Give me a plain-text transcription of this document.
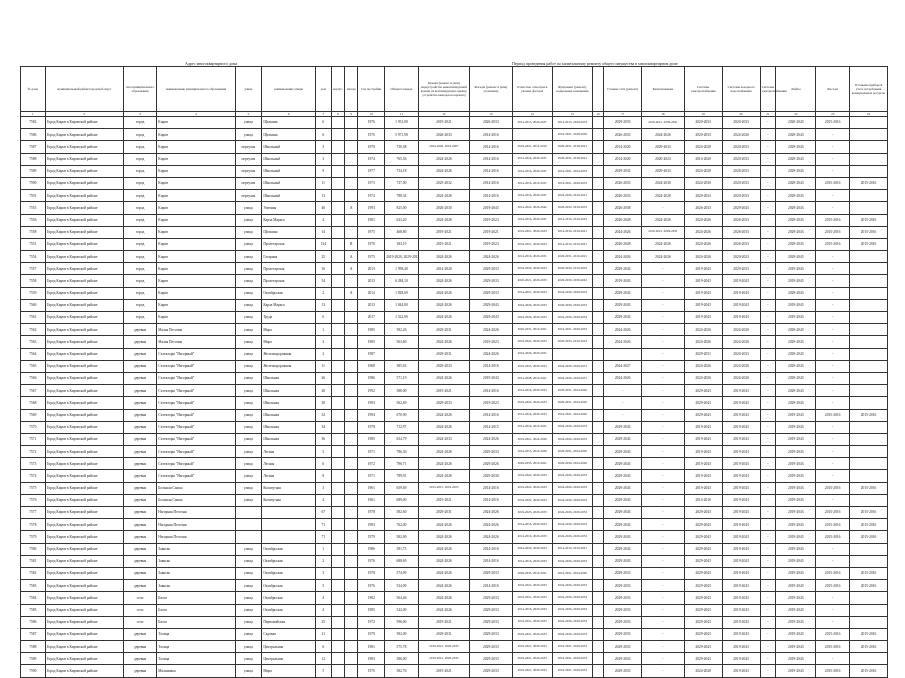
Адрес многоквартирного дома	Период проведения работ по капитальному ремонту общего имущества в многоквартирном доме
№ дома	муниципальный район/городской округ	тип муниципального образования	наименование муниципального образования	улица	наименование улицы	дом	корпус	литера	Год постройки	Общая площадь	Крыша (ремонт и (или) переустройство невентилируемой крыши на вентилируемую крышу, устройство выходов на кровлю)	Фасады (ремонт и (или) утепление)	Отмостки, отмостки и уклоны фасадов	Фундамент (ремонт), подвальные помещения		Газовые сети (ремонт)	Канализование	Системы электроснабжения	Системы холодного водоснабжения	Системы электроснабжения	Лифты	Фасады	Установка приборов учета потребления коммунальных ресурсов
1	2	3	4	5	6	7	8	9	10	11	12	13	14	15	16	17	18	19	20	21	22	23	24
7582	Город Киров в Кировской районе	город	Киров	улица	Щелкина	6			1976	1 931,00	2019-2021	2026-2033	2014-2015, 2029-2037	2014-2015, 2029-2033		2029-2033	2019-2021, 2039-2041	2020-2033	2020-2033	-	2020-2043	2015-2016	
7586	Город Киров в Кировской районе	город	Киров	улица	Щелкина	6			1976	5 971,98	2026-2033	2014-2016		2019-2021, 2028-2030		2026-2033	2024-2026	2020-2033	2024-2026	-	2029-2043	-	
7587	Город Киров в Кировской районе	город	Киров	переулок	Школьный	5			1970	730,38	2024-2026, 2019-2007	2014-2016	2019-2021, 2014-2016	2029-2031, 2018-2021		2014-2020	2029-2033	2024-2028	2020-2033	-	2029-2043	-	
7588	Город Киров в Кировской районе	город	Киров	переулок	Школьный	3			1974	765,36	2024-2026	2014-2016	2014-2016, 2029-2031	2029-2031, 2018-2021		2014-2020	2020-2023	2014-2020	2020-2033	-	2029-2043	-	
7589	Город Киров в Кировской районе	город	Киров	переулок	Школьный	9			1977	734,18	2024-2026	2014-2016	2014-2016, 2029-2031	2019-2021, 2024-2033		2029-2032	2029-2033	2024-2028	2026-2033	-	2029-2043	-	
7590	Город Киров в Кировской районе	город	Киров	переулок	Школьный	11			1973	737,00	2025-2032	2014-2016	2014-2016, 2019-2031	2019-2021, 2029-2033		2026-2033	2024-2030	2024-2030	2020-2033	-	2029-2043	2015-2016	2015-2016
7591	Город Киров в Кировской районе	город	Киров	переулок	Школьный	13			1974	788,34	2024-2026	2014-2016	2014-2016, 2029-2031	2024-2026, 2019-2021		2026-2033	2024-2028	2029-2033	2020-2033	-	2029-2043	-	
7553	Город Киров в Кировской районе	город	Киров	улица	Уличная	46		А	1993	825,00	2026-2030	2019-2043	2014-2022, 2026-2042	2026-2032, 2019-2033		2026-2038	-	2026-2033	2029-2043	-	2029-2043	-	
7556	Город Киров в Кировской районе	город	Киров	улица	Карла Маркса	4			1981	633,20	2024-2026	2019-2023	2014-2016, 2029-2031	2014-2016, 2019-2023		2026-2028	2024-2026	2024-2026	2026-2033	-	2029-2043	2015-2016	2015-2016
7558	Город Киров в Кировской районе	город	Киров	улица	Щелкина	14			1975	468,80	2019-2021	2019-2021	2019-2021, 2029-2033	2014-2016, 2019-2021		2024-2026	2019-2021, 2029-2031	2024-2026	2026-2033	-	2029-2043	2015-2016	2015-2016
7551	Город Киров в Кировской районе	город	Киров	улица	Пролетарская	134		В	1976	383,19	2019-2021	2019-2023	2019-2021, 2029-2033	2014-2016, 2019-2021		2026-2028	2024-2026	2024-2026	2026-2033	-	2029-2043	2015-2016	2015-2016
7554	Город Киров в Кировской районе	город	Киров	улица	Гагарина	25		А	1975	2019-2020, 2029-2033	2024-2026	2024-2026	2014-2016, 2029-2031	2029-2031, 2019-2021		2024-2026	2024-2026	2024-2026	2020-2023	-	2029-2043	-	
7557	Город Киров в Кировской районе	город	Киров	улица	Пролетарская	16		А	2013	1 958,40	2014-2020	2029-2033	2019-2020, 2029-2033	2029-2030, 2019-2032		2029-2043	-	2019-2043	2029-2033	-	2019-2043	-	
7558	Город Киров в Кировской районе	город	Киров	улица	Пролетарская	54			2013	6 284,10	2024-2026	2029-2033	2020-2021, 2029-2033	2029-2030, 2039-2043		2019-2043	-	2019-2043	2019-2043	-	2019-2043	-	
7559	Город Киров в Кировской районе	город	Киров	улица	Октябрьская	2		А	2014	1 828,69	2024-2026	2029-2033	2014-2021, 2029-2033	2024-2026, 2029-2033		2029-2043	-	2019-2043	2019-2043	-	2029-2043	-	
7560	Город Киров в Кировской районе	город	Киров	улица	Карла Маркса	13			2013	1 044,00	2024-2026	2029-2043	2024-2026, 2029-2033	2029-2030, 2029-2033		2029-2043	-	2019-2043	2019-2043	-	2019-2043	-	
7561	Город Киров в Кировской районе	город	Киров	улица	Труда	6			2017	1 322,90	2024-2026	2029-2043	2024-2026, 2029-2033	2024-2026, 2029-2033		2029-2043	-	2019-2043	2019-2043	-	2019-2043	-	
7562	Город Киров в Кировской районе	деревня	Малая Песочня	улица	Мира	1			1985	582,26	2029-2031	2024-2026	2029-2031, 2019-2021	2019-2021, 2029-2033		2024-2026	-	2024-2026	2024-2026	-	2029-2043	-	
7563	Город Киров в Кировской районе	деревня	Малая Песочня	улица	Мира	2			1985	563,60	2024-2026	2019-2023	2019-2022, 2029-2033	2029-2033, 2019-2023		2024-2026	-	2024-2026	2024-2026	-	2029-2043	-	
7564	Город Киров в Кировской районе	деревня	Селекторы "Нагорный"	улица	Железнодорожная	2			1987		2029-2031	2024-2026	2024-2026, 2029-2031				-	2029-2031	2020-2033	-	2029-2043	-	
7565	Город Киров в Кировской районе	деревня	Селекторы "Нагорный"	улица	Железнодорожная	11			1968	385,63	2029-2033	2014-2016	2019-2023, 2029-2033	2024-2026, 2029-2031		2024-2027	-	2024-2026	2024-2026	-	2029-2043	-	
7566	Город Киров в Кировской районе	деревня	Селекторы "Нагорный"	улица	Школьная	26			1986	571,19	2024-2026	2019-2043	2014-2028, 2019-2021	2024-2026, 2029-2031		2024-2026	-	2024-2026	2024-2026	-	2029-2043	-	
7567	Город Киров в Кировской районе	деревня	Селекторы "Нагорный"	улица	Школьная	28			1992	588,00	2019-2021	2014-2016	2014-2016, 2029-2033	2029-2031, 2024-2026		-	-	2029-2043	2019-2043	-	2029-2043	-	
7568	Город Киров в Кировской районе	деревня	Селекторы "Нагорный"	улица	Школьная	30			1993	562,69	2029-2033	2019-2023	2019-2022, 2029-2033	2029-2031, 2024-2026		-	-	2029-2043	2019-2043	-	2029-2043	-	
7569	Город Киров в Кировской районе	деревня	Селекторы "Нагорный"	улица	Школьная	32			1994	670,90	2024-2026	2014-2016	2014-2016, 2029-2033	2019-2021, 2024-2026		-	-	2029-2043	2019-2043	-	2019-2043	2015-2016	2015-2016
7570	Город Киров в Кировской районе	деревня	Селекторы "Нагорный"	улица	Школьная	34			1978	712,97	2024-2026	2014-2015	2014-2016, 2019-2031	2024-2026, 2029-2033		2029-2043	-	2019-2043	2019-2043	-	2019-2043	-	
7571	Город Киров в Кировской районе	деревня	Селекторы "Нагорный"	улица	Школьная	36			1985	654,79	2024-2033	2024-2026	2019-2021, 2024-2026	2024-2026, 2029-2033		2029-2043	-	2019-2043	2019-2043	-	2019-2043	-	
7572	Город Киров в Кировской районе	деревня	Селекторы "Нагорный"	улица	Лесная	5			1971	786,30	2024-2026	2029-2033	2014-2015, 2019-2030	2029-2031, 2024-2026		2029-2043	-	2019-2043	2019-2043	-	2019-2043	-	
7573	Город Киров в Кировской районе	деревня	Селекторы "Нагорный"	улица	Лесная	6			1972	796,71	2024-2026	2029-2026	2029-2033, 2019-2021	2029-2030, 2024-2026		2029-2043	-	2019-2043	2019-2043	-	2019-2043	-	
7574	Город Киров в Кировской районе	деревня	Селекторы "Нагорный"	улица	Лесная	8			1971	789,91	2024-2026	2029-2030	2019-2022, 2029-2033	2024-2026, 2029-2033		2029-2043	-	2019-2043	2019-2043	-	2019-2043	-	
7575	Город Киров в Кировской районе	деревня	Большая Сашка	улица	Коопер-ная	3			1961	659,69	2015-2015, 2019-2025	2014-2016	2019-2022, 2029-2033	2024-2026, 2029-2033		2029-2043	-	2019-2043	2019-2043	-	2019-2043	2015-2016	2015-2016
7576	Город Киров в Кировской районе	деревня	Большая Сашка	улица	Коопер-ная	4			1961	689,00	2019-2021	2014-2016	2019-2022, 2029-2033	2024-2026, 2029-2033		2029-2043	-	2014-2016	2019-2043	-	2019-2043	-	
7577	Город Киров в Кировской районе	деревня	Нагорная Песочня			67			1978	582,60	2029-2031	2024-2026	2019-2023, 2029-2033	2024-2026, 2029-2033		2029-2043	-	2029-2043	2019-2043	-	2019-2043	2015-2016	2015-2016
7578	Город Киров в Кировской районе	деревня	Нагорная Песочня			71			1983	762,00	2024-2026	2024-2026	2014-2016, 2029-2033	2024-2026, 2029-2033		2029-2043	-	2029-2043	2019-2043	-	2019-2043	2015-2016	2015-2016
7579	Город Киров в Кировской районе	деревня	Нагорная Песочня			71			1979	582,00	2024-2026	2024-2026	2014-2016, 2029-2033	2024-2026, 2029-2033		2029-2043	-	2029-2043	2019-2043	-	2019-2043	2015-2016	2015-2016
7580	Город Киров в Кировской районе	деревня	Заянско	улица	Октябрьская	1			1986	581,73	2024-2026	2014-2016	2024-2026, 2029-2033	2014-2016, 2019-2021		2029-2043	-	2029-2043	2019-2043	-	2019-2043	-	
7581	Город Киров в Кировской районе	деревня	Заянско	улица	Октябрьская	2			1976	688,69	2024-2026	2014-2016	2014-2016, 2029-2033	2024-2026, 2029-2033		2029-2043	-	2029-2043	2019-2043	-	2019-2043	-	
7582	Город Киров в Кировской районе	деревня	Заянско	улица	Октябрьская	3			1978	574,90	2024-2026	2029-2033	2029-2033, 2019-2021	2019-2021, 2024-2026		2029-2033	-	2029-2043	2019-2043	-	2019-2043	2015-2016	2015-2016
7583	Город Киров в Кировской районе	деревня	Заянско	улица	Октябрьская	5			1976	534,00	2024-2026	2014-2016	2019-2021, 2029-2033	2024-2026, 2029-2033		2029-2033	-	2029-2043	2019-2043	-	2019-2043	2015-2016	2015-2016
7584	Город Киров в Кировской районе	село	Бахта	улица	Октябрьская	4			1982	564,46	2024-2026	2029-2033	2019-2021, 2029-2033	2024-2026, 2029-2033		2029-2033	-	2029-2043	2019-2043	-	2019-2043	-	
7585	Город Киров в Кировской районе	село	Бахта	улица	Октябрьская	4			1985	542,00	2024-2026	2029-2033	2014-2016, 2029-2033	2024-2026, 2029-2033		2029-2033	-	2029-2043	2019-2043	-	2019-2043	-	
7586	Город Киров в Кировской районе	село	Бахта	улица	Первомайская	25			1972	596,00	2019-2021	2029-2033	2019-2021, 2029-2033	2024-2026, 2029-2033		2029-2033	-	2029-2043	2019-2043	-	2019-2043	-	
7587	Город Киров в Кировской районе	деревня	Талица	улица	Садовая	21			1979	582,00	2029-2031	2029-2033	2019-2021, 2029-2033	2024-2026, 2029-2033		2029-2033	-	2029-2043	2019-2043	-	2019-2043	2015-2016	2015-2016
7588	Город Киров в Кировской районе	деревня	Талица	улица	Центральная	6			1981	575,78	2019-2021, 2029-2033	2029-2033	2019-2021, 2029-2033	2019-2021, 2029-2033		2029-2033	-	2029-2043	2019-2043	-	2019-2043	2015-2016	2015-2016
7589	Город Киров в Кировской районе	деревня	Талица	улица	Центральная	12			1983	586,00	2019-2021, 2029-2033	2029-2033	2019-2021, 2029-2033	2019-2021, 2029-2033		2029-2033	-	2029-2043	2019-2043	-	2019-2043	-	
7590	Город Киров в Кировской районе	деревня	Малиновка	улица	Мира	5			1976	582,76	2019-2021	2029-2033	2019-2021, 2029-2033	2019-2021, 2029-2033		2029-2033	-	2024-2028	2019-2043	-	2019-2043	2015-2016	2015-2016
